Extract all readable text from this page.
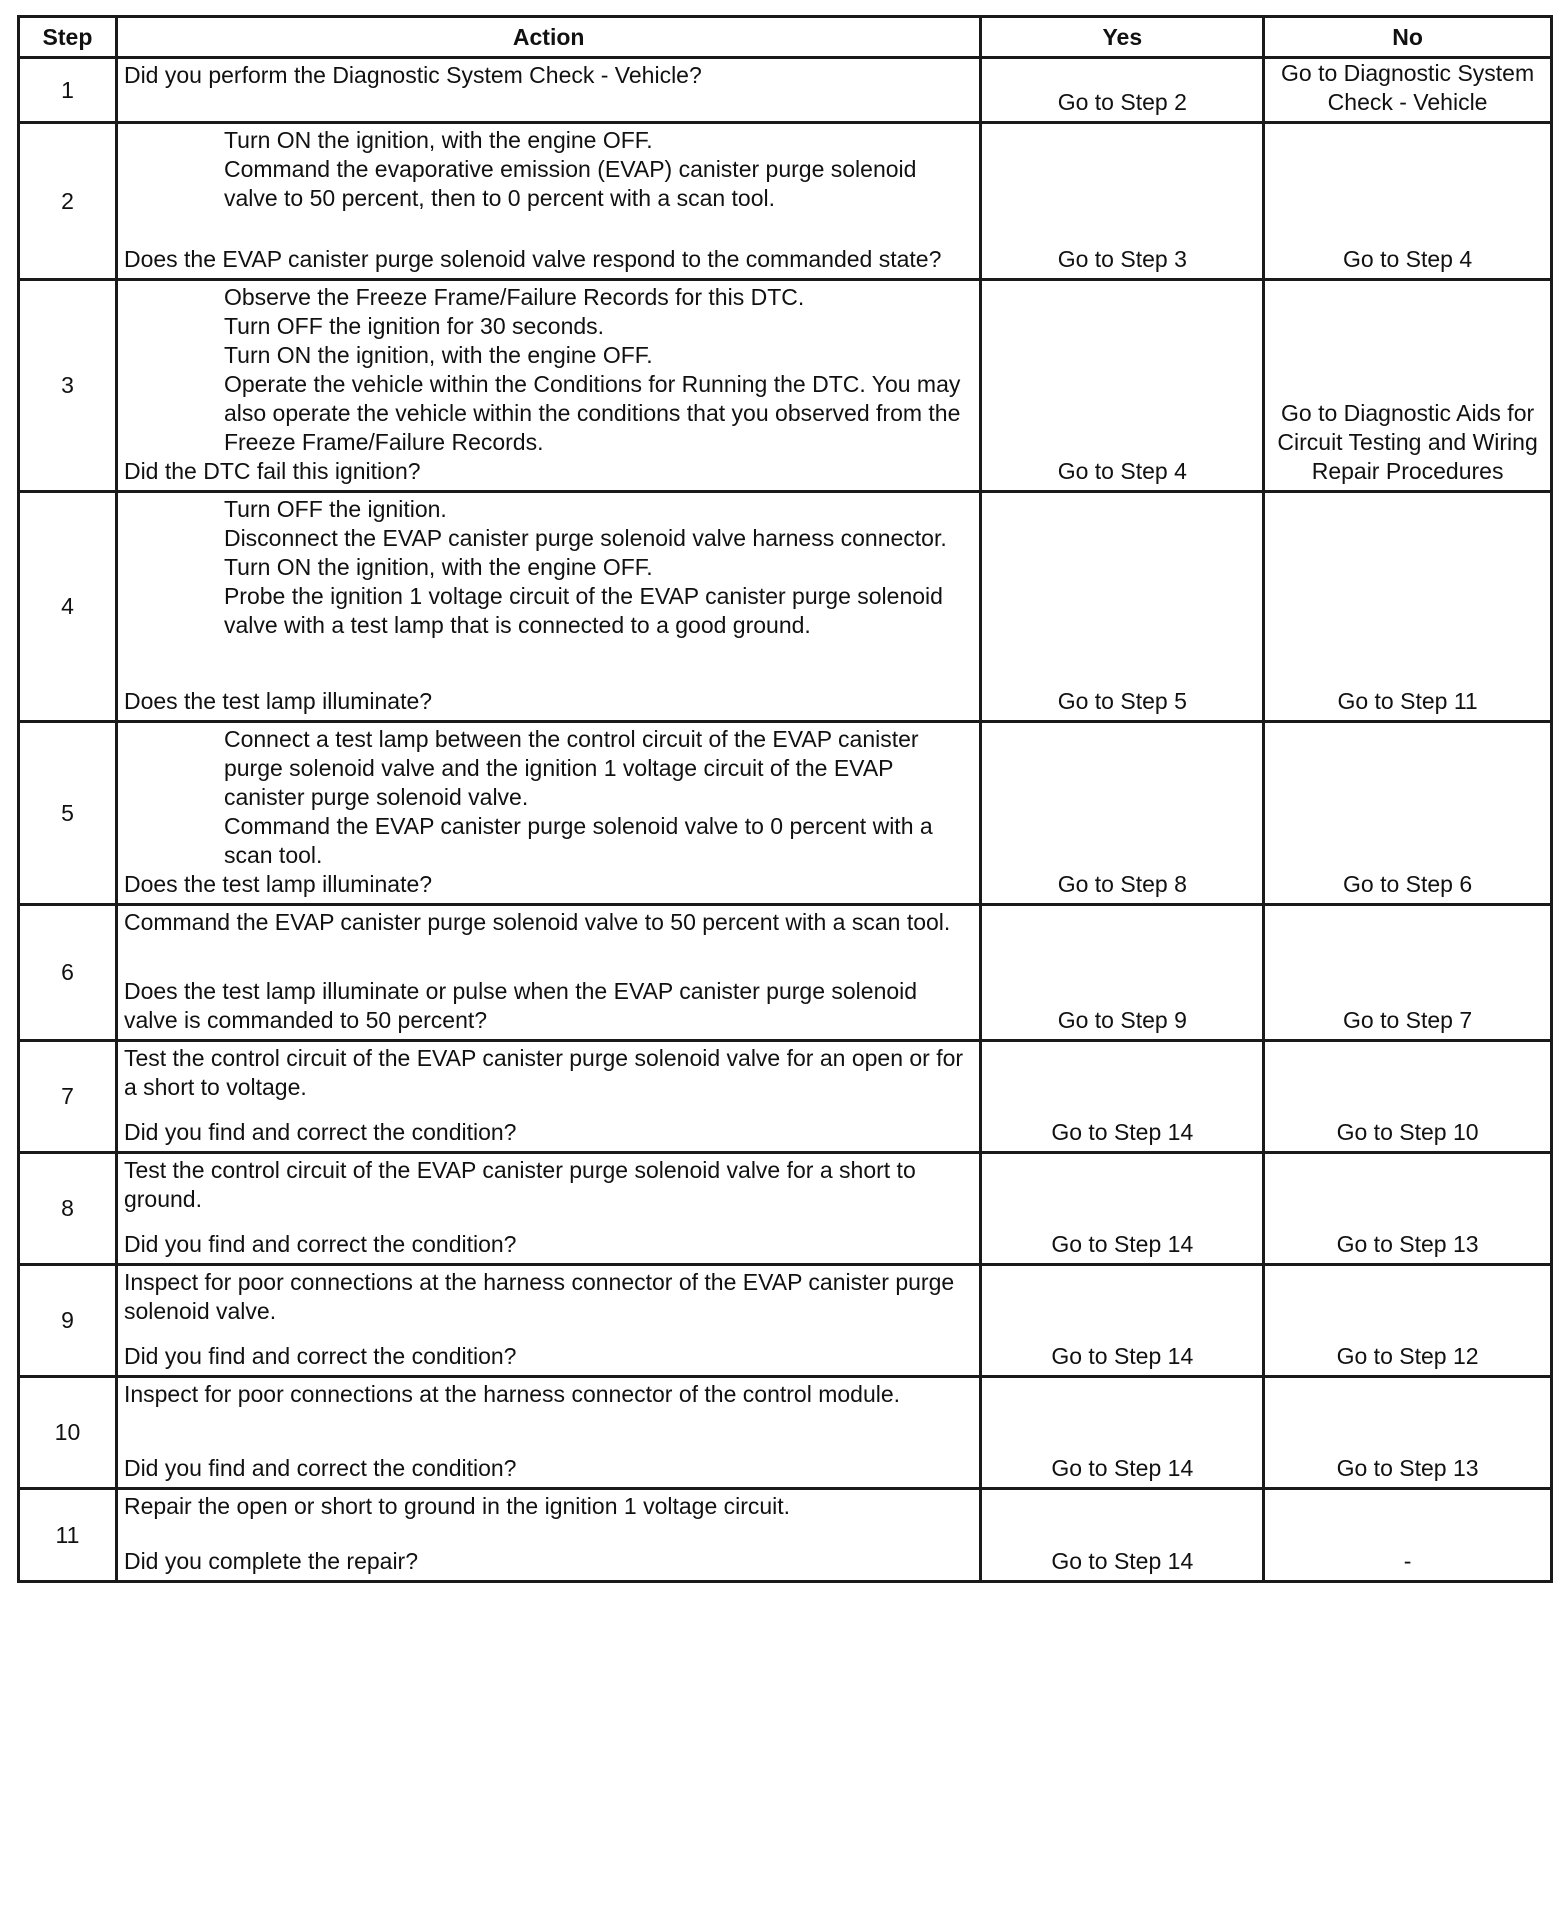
Step	Action	Yes	No
1	Did you perform the Diagnostic System Check - Vehicle?	Go to Step 2	Go to Diagnostic System Check - Vehicle
2	Turn ON the ignition, with the engine OFF.

Command the evaporative emission (EVAP) canister purge solenoid valve to 50 percent, then to 0 percent with a scan tool.

Does the EVAP canister purge solenoid valve respond to the commanded state?	Go to Step 3	Go to Step 4
3	Observe the Freeze Frame/Failure Records for this DTC.

Turn OFF the ignition for 30 seconds.

Turn ON the ignition, with the engine OFF.

Operate the vehicle within the Conditions for Running the DTC. You may also operate the vehicle within the conditions that you observed from the Freeze Frame/Failure Records.

Did the DTC fail this ignition?	Go to Step 4	Go to Diagnostic Aids for Circuit Testing and Wiring Repair Procedures
4	Turn OFF the ignition.

Disconnect the EVAP canister purge solenoid valve harness connector.

Turn ON the ignition, with the engine OFF.

Probe the ignition 1 voltage circuit of the EVAP canister purge solenoid valve with a test lamp that is connected to a good ground.

Does the test lamp illuminate?	Go to Step 5	Go to Step 11
5	Connect a test lamp between the control circuit of the EVAP canister purge solenoid valve and the ignition 1 voltage circuit of the EVAP canister purge solenoid valve.

Command the EVAP canister purge solenoid valve to 0 percent with a scan tool.

Does the test lamp illuminate?	Go to Step 8	Go to Step 6
6	Command the EVAP canister purge solenoid valve to 50 percent with a scan tool.

Does the test lamp illuminate or pulse when the EVAP canister purge solenoid valve is commanded to 50 percent?	Go to Step 9	Go to Step 7
7	Test the control circuit of the EVAP canister purge solenoid valve for an open or for a short to voltage.

Did you find and correct the condition?	Go to Step 14	Go to Step 10
8	Test the control circuit of the EVAP canister purge solenoid valve for a short to ground.

Did you find and correct the condition?	Go to Step 14	Go to Step 13
9	Inspect for poor connections at the harness connector of the EVAP canister purge solenoid valve.

Did you find and correct the condition?	Go to Step 14	Go to Step 12
10	Inspect for poor connections at the harness connector of the control module.

Did you find and correct the condition?	Go to Step 14	Go to Step 13
11	Repair the open or short to ground in the ignition 1 voltage circuit.

Did you complete the repair?	Go to Step 14	-
